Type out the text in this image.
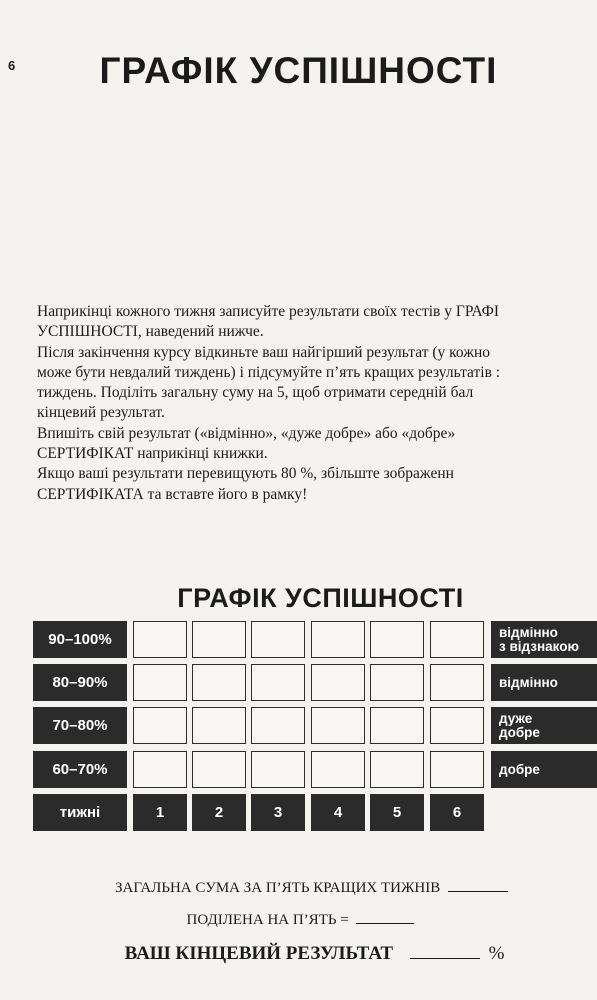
6	ГРАФІК УСПІШНОСТІ

Наприкінці кожного тижня записуйте результати своїх тестів у ГРАФІ

УСПІШНОСТІ, наведений нижче.

Після закінчення курсу відкиньте ваш найгірший результат (у кожно

може бути невдалий тиждень) і підсумуйте п’ять кращих результатів :

тиждень. Поділіть загальну суму на 5, щоб отримати середній бал

кінцевий результат.

Впишіть свій результат («відмінно», «дуже добре» або «добре»

СЕРТИФІКАТ наприкінці книжки.

Якщо ваші результати перевищують 80 %, збільште зображенн

СЕРТИФІКАТА та вставте його в рамку!

ГРАФІК УСПІШНОСТІ
90–100%	відмінно
з відзнакою
80–90%	відмінно
70–80%	дуже
добре
60–70%	добре
тижні	1	2	3	4	5	6
ЗАГАЛЬНА СУМА ЗА П’ЯТЬ КРАЩИХ ТИЖНІВ
ПОДІЛЕНА НА П’ЯТЬ =
ВАШ КІНЦЕВИЙ РЕЗУЛЬТАТ	%
